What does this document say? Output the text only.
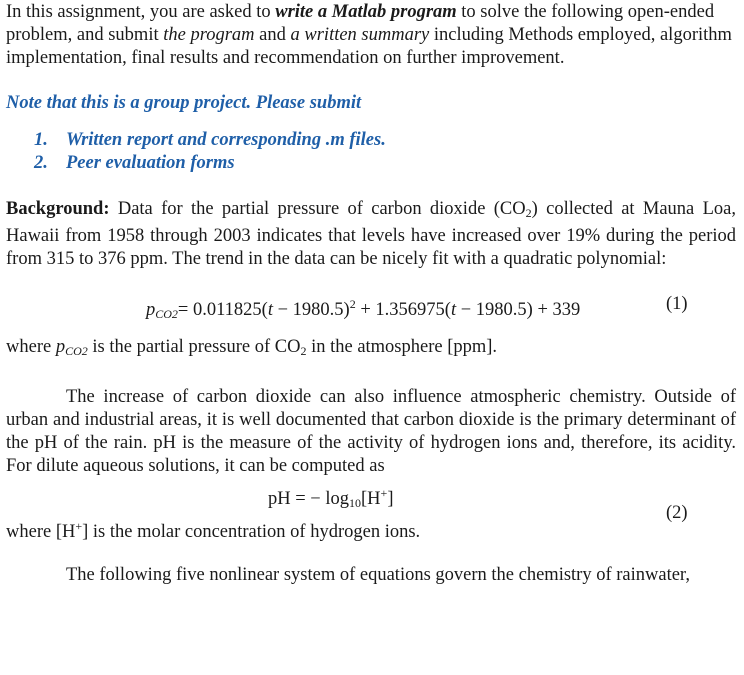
In this assignment, you are asked to write a Matlab program to solve the following open-ended problem, and submit the program and a written summary including Methods employed, algorithm implementation, final results and recommendation on further improvement.

Note that this is a group project. Please submit

1. Written report and corresponding .m files.
2. Peer evaluation forms

Background: Data for the partial pressure of carbon dioxide $(CO_2)$ collected at Mauna Loa, Hawaii from 1958 through 2003 indicates that levels have increased over 19% during the period from 315 to 376 ppm. The trend in the data can be nicely fit with a quadratic polynomial:

$p_{CO2}= 0.011825(t - 1980.5)^2 + 1.356975(t - 1980.5) + 339$	(1)

where $p_{CO2}$ is the partial pressure of $CO_2$ in the atmosphere [ppm].

The increase of carbon dioxide can also influence atmospheric chemistry. Outside of urban and industrial areas, it is well documented that carbon dioxide is the primary determinant of the pH of the rain. pH is the measure of the activity of hydrogen ions and, therefore, its acidity. For dilute aqueous solutions, it can be computed as

pH = − $\log_{10}[H^+]$
where [H+] is the molar concentration of hydrogen ions.
(2)

The following five nonlinear system of equations govern the chemistry of rainwater,
